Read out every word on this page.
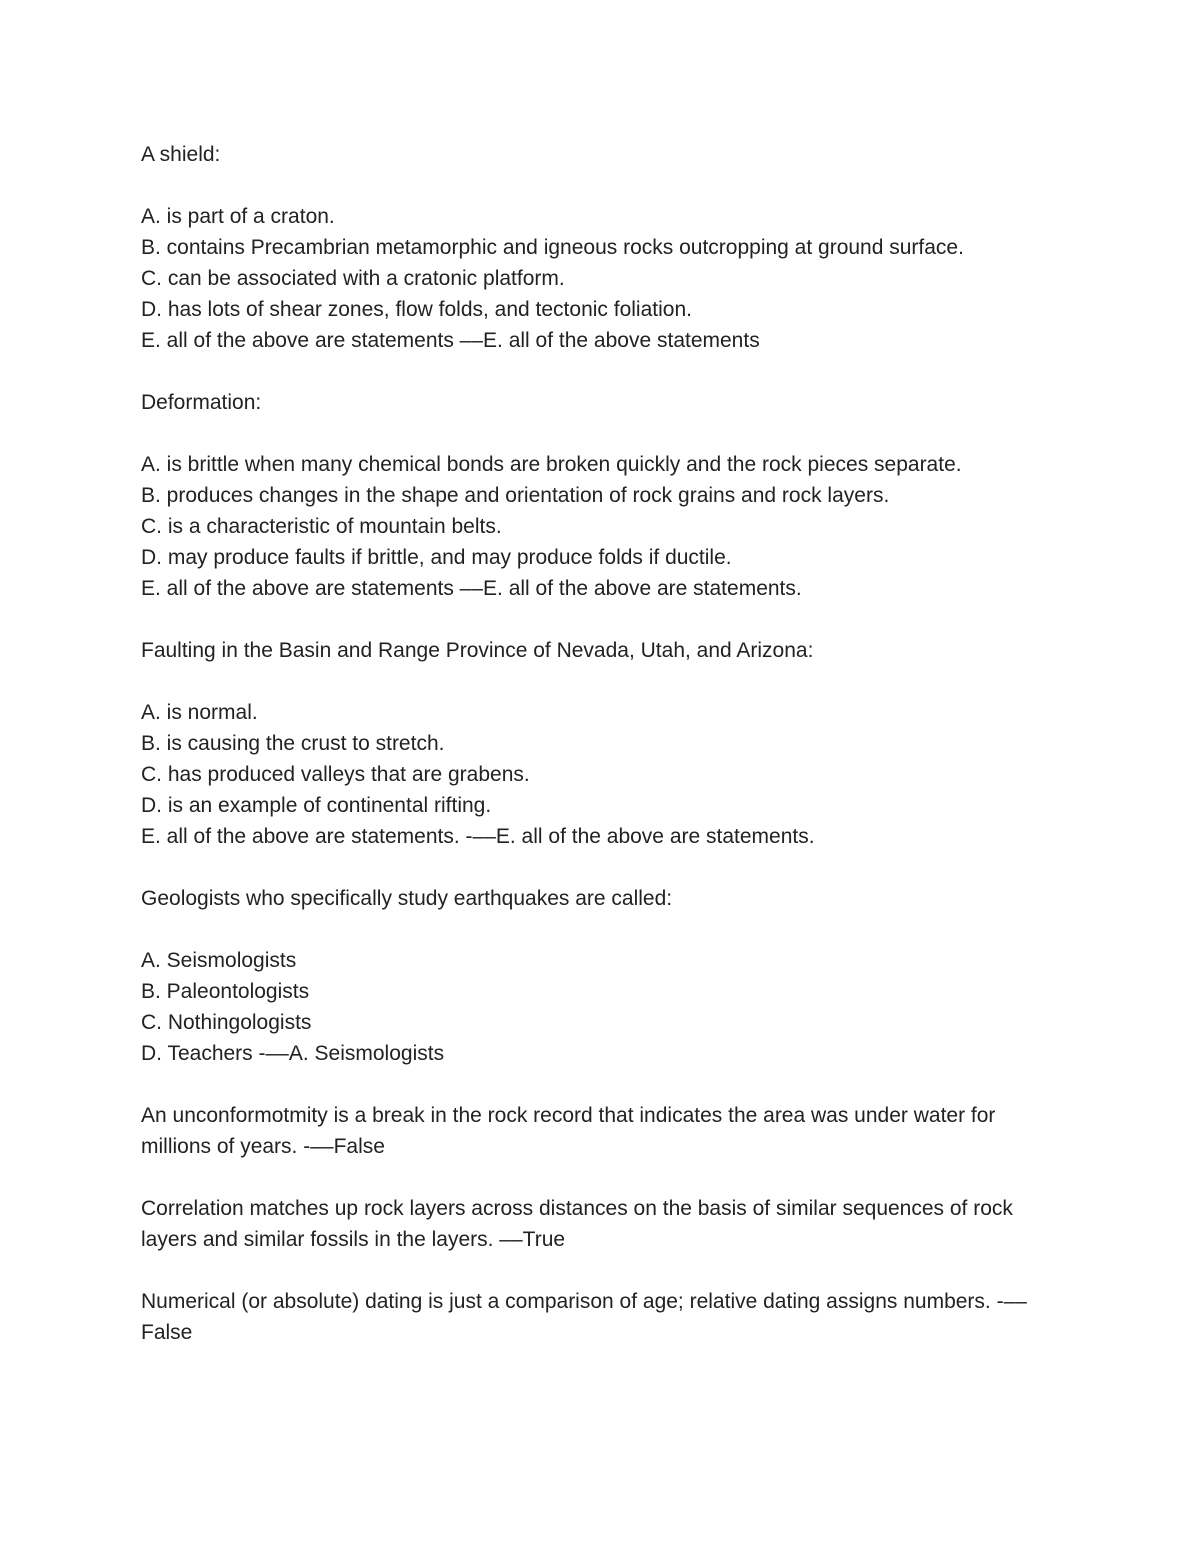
A shield:
A. is part of a craton.
B. contains Precambrian metamorphic and igneous rocks outcropping at ground surface.
C. can be associated with a cratonic platform.
D. has lots of shear zones, flow folds, and tectonic foliation.
E. all of the above are statements ––E. all of the above statements
Deformation:
A. is brittle when many chemical bonds are broken quickly and the rock pieces separate.
B. produces changes in the shape and orientation of rock grains and rock layers.
C. is a characteristic of mountain belts.
D. may produce faults if brittle, and may produce folds if ductile.
E. all of the above are statements ––E. all of the above are statements.
Faulting in the Basin and Range Province of Nevada, Utah, and Arizona:
A. is normal.
B. is causing the crust to stretch.
C. has produced valleys that are grabens.
D. is an example of continental rifting.
E. all of the above are statements. -––E. all of the above are statements.
Geologists who specifically study earthquakes are called:
A. Seismologists
B. Paleontologists
C. Nothingologists
D. Teachers -––A. Seismologists
An unconformotmity is a break in the rock record that indicates the area was under water for millions of years. -––False
Correlation matches up rock layers across distances on the basis of similar sequences of rock layers and similar fossils in the layers. ––True
Numerical (or absolute) dating is just a comparison of age; relative dating assigns numbers. -––False
